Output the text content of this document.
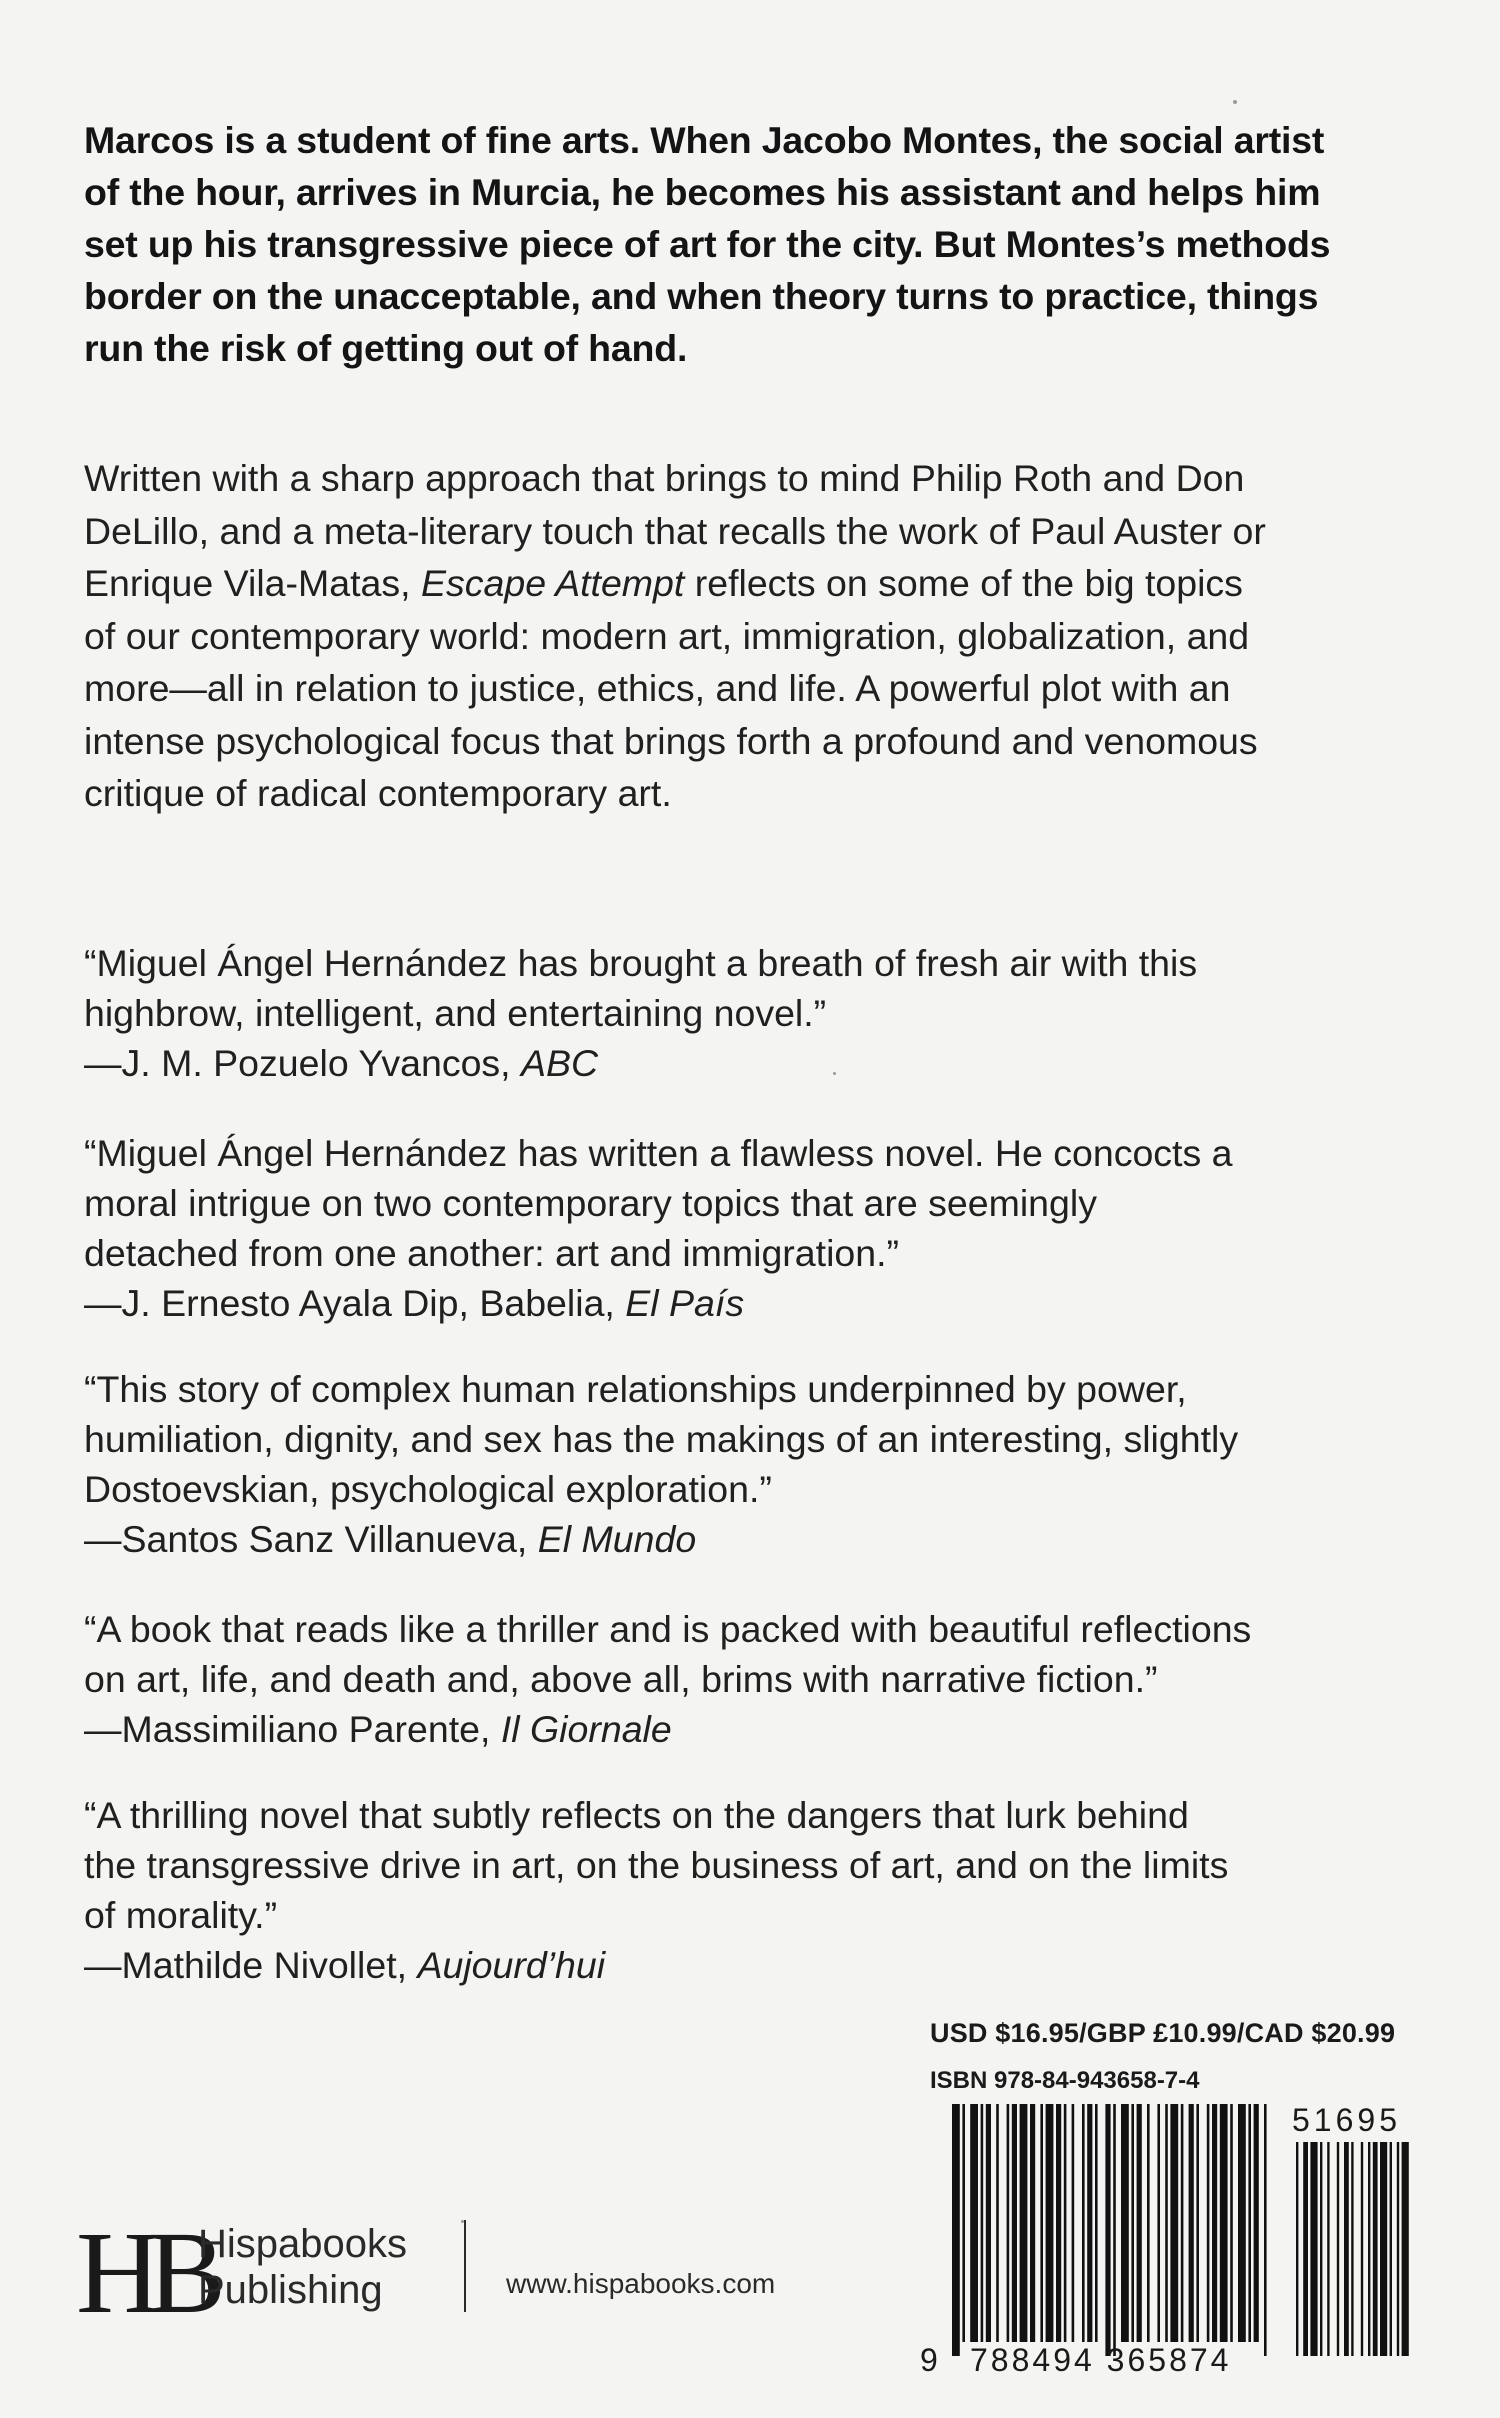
Marcos is a student of fine arts. When Jacobo Montes, the social artist
of the hour, arrives in Murcia, he becomes his assistant and helps him
set up his transgressive piece of art for the city. But Montes’s methods
border on the unacceptable, and when theory turns to practice, things
run the risk of getting out of hand.
Written with a sharp approach that brings to mind Philip Roth and Don
DeLillo, and a meta-literary touch that recalls the work of Paul Auster or
Enrique Vila-Matas, Escape Attempt reflects on some of the big topics
of our contemporary world: modern art, immigration, globalization, and
more—all in relation to justice, ethics, and life. A powerful plot with an
intense psychological focus that brings forth a profound and venomous
critique of radical contemporary art.
“Miguel Ángel Hernández has brought a breath of fresh air with this
highbrow, intelligent, and entertaining novel.”
—J. M. Pozuelo Yvancos, ABC
“Miguel Ángel Hernández has written a flawless novel. He concocts a
moral intrigue on two contemporary topics that are seemingly
detached from one another: art and immigration.”
—J. Ernesto Ayala Dip, Babelia, El País
“This story of complex human relationships underpinned by power,
humiliation, dignity, and sex has the makings of an interesting, slightly
Dostoevskian, psychological exploration.”
—Santos Sanz Villanueva, El Mundo
“A book that reads like a thriller and is packed with beautiful reflections
on art, life, and death and, above all, brims with narrative fiction.”
—Massimiliano Parente, Il Giornale
“A thrilling novel that subtly reflects on the dangers that lurk behind
the transgressive drive in art, on the business of art, and on the limits
of morality.”
—Mathilde Nivollet, Aujourd’hui
USD $16.95/GBP £10.99/CAD $20.99
ISBN 978-84-943658-7-4
9 788494 365874
51695
HB
Hispabooks
Publishing	www.hispabooks.com
